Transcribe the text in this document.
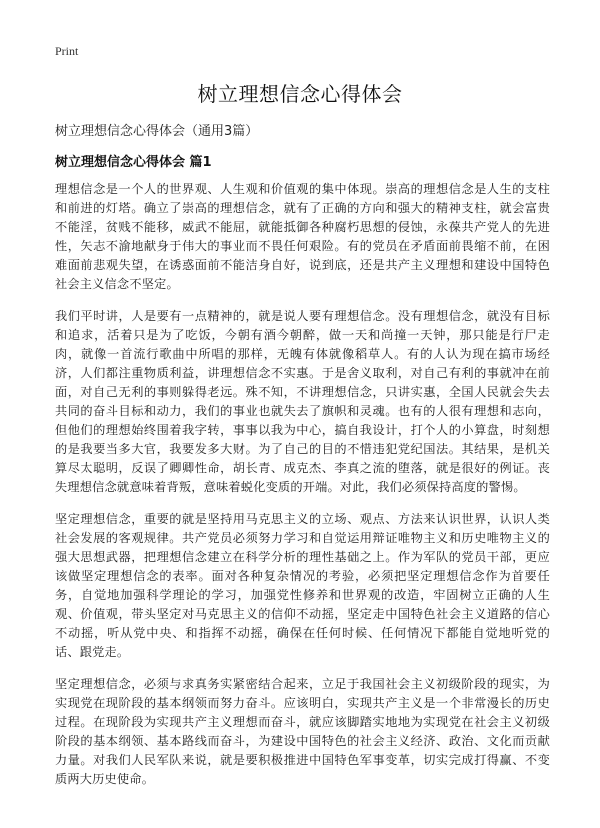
Print
树立理想信念心得体会

树立理想信念心得体会（通用3篇）

树立理想信念心得体会 篇1

理想信念是一个人的世界观、人生观和价值观的集中体现。崇高的理想信念是人生的支柱和前进的灯塔。确立了崇高的理想信念，就有了正确的方向和强大的精神支柱，就会富贵不能淫，贫贱不能移，威武不能屈，就能抵御各种腐朽思想的侵蚀，永葆共产党人的先进性，矢志不渝地献身于伟大的事业而不畏任何艰险。有的党员在矛盾面前畏缩不前，在困难面前悲观失望，在诱惑面前不能洁身自好，说到底，还是共产主义理想和建设中国特色社会主义信念不坚定。

我们平时讲，人是要有一点精神的，就是说人要有理想信念。没有理想信念，就没有目标和追求，活着只是为了吃饭，今朝有酒今朝醉，做一天和尚撞一天钟，那只能是行尸走肉，就像一首流行歌曲中所唱的那样，无魄有体就像稻草人。有的人认为现在搞市场经济，人们都注重物质利益，讲理想信念不实惠。于是舍义取利，对自己有利的事就冲在前面，对自己无利的事则躲得老远。殊不知，不讲理想信念，只讲实惠，全国人民就会失去共同的奋斗目标和动力，我们的事业也就失去了旗帜和灵魂。也有的人很有理想和志向，但他们的理想始终围着我字转，事事以我为中心，搞自我设计，打个人的小算盘，时刻想的是我要当多大官，我要发多大财。为了自己的目的不惜违犯党纪国法。其结果，是机关算尽太聪明，反误了卿卿性命，胡长青、成克杰、李真之流的堕落，就是很好的例证。丧失理想信念就意味着背叛，意味着蜕化变质的开端。对此，我们必须保持高度的警惕。

坚定理想信念，重要的就是坚持用马克思主义的立场、观点、方法来认识世界，认识人类社会发展的客观规律。共产党员必须努力学习和自觉运用辩证唯物主义和历史唯物主义的强大思想武器，把理想信念建立在科学分析的理性基础之上。作为军队的党员干部，更应该做坚定理想信念的表率。面对各种复杂情况的考验，必须把坚定理想信念作为首要任务，自觉地加强科学理论的学习，加强党性修养和世界观的改造，牢固树立正确的人生观、价值观，带头坚定对马克思主义的信仰不动摇，坚定走中国特色社会主义道路的信心不动摇，听从党中央、和指挥不动摇，确保在任何时候、任何情况下都能自觉地听党的话、跟党走。

坚定理想信念，必须与求真务实紧密结合起来，立足于我国社会主义初级阶段的现实，为实现党在现阶段的基本纲领而努力奋斗。应该明白，实现共产主义是一个非常漫长的历史过程。在现阶段为实现共产主义理想而奋斗，就应该脚踏实地地为实现党在社会主义初级阶段的基本纲领、基本路线而奋斗，为建设中国特色的社会主义经济、政治、文化而贡献力量。对我们人民军队来说，就是要积极推进中国特色军事变革，切实完成打得赢、不变质两大历史使命。
